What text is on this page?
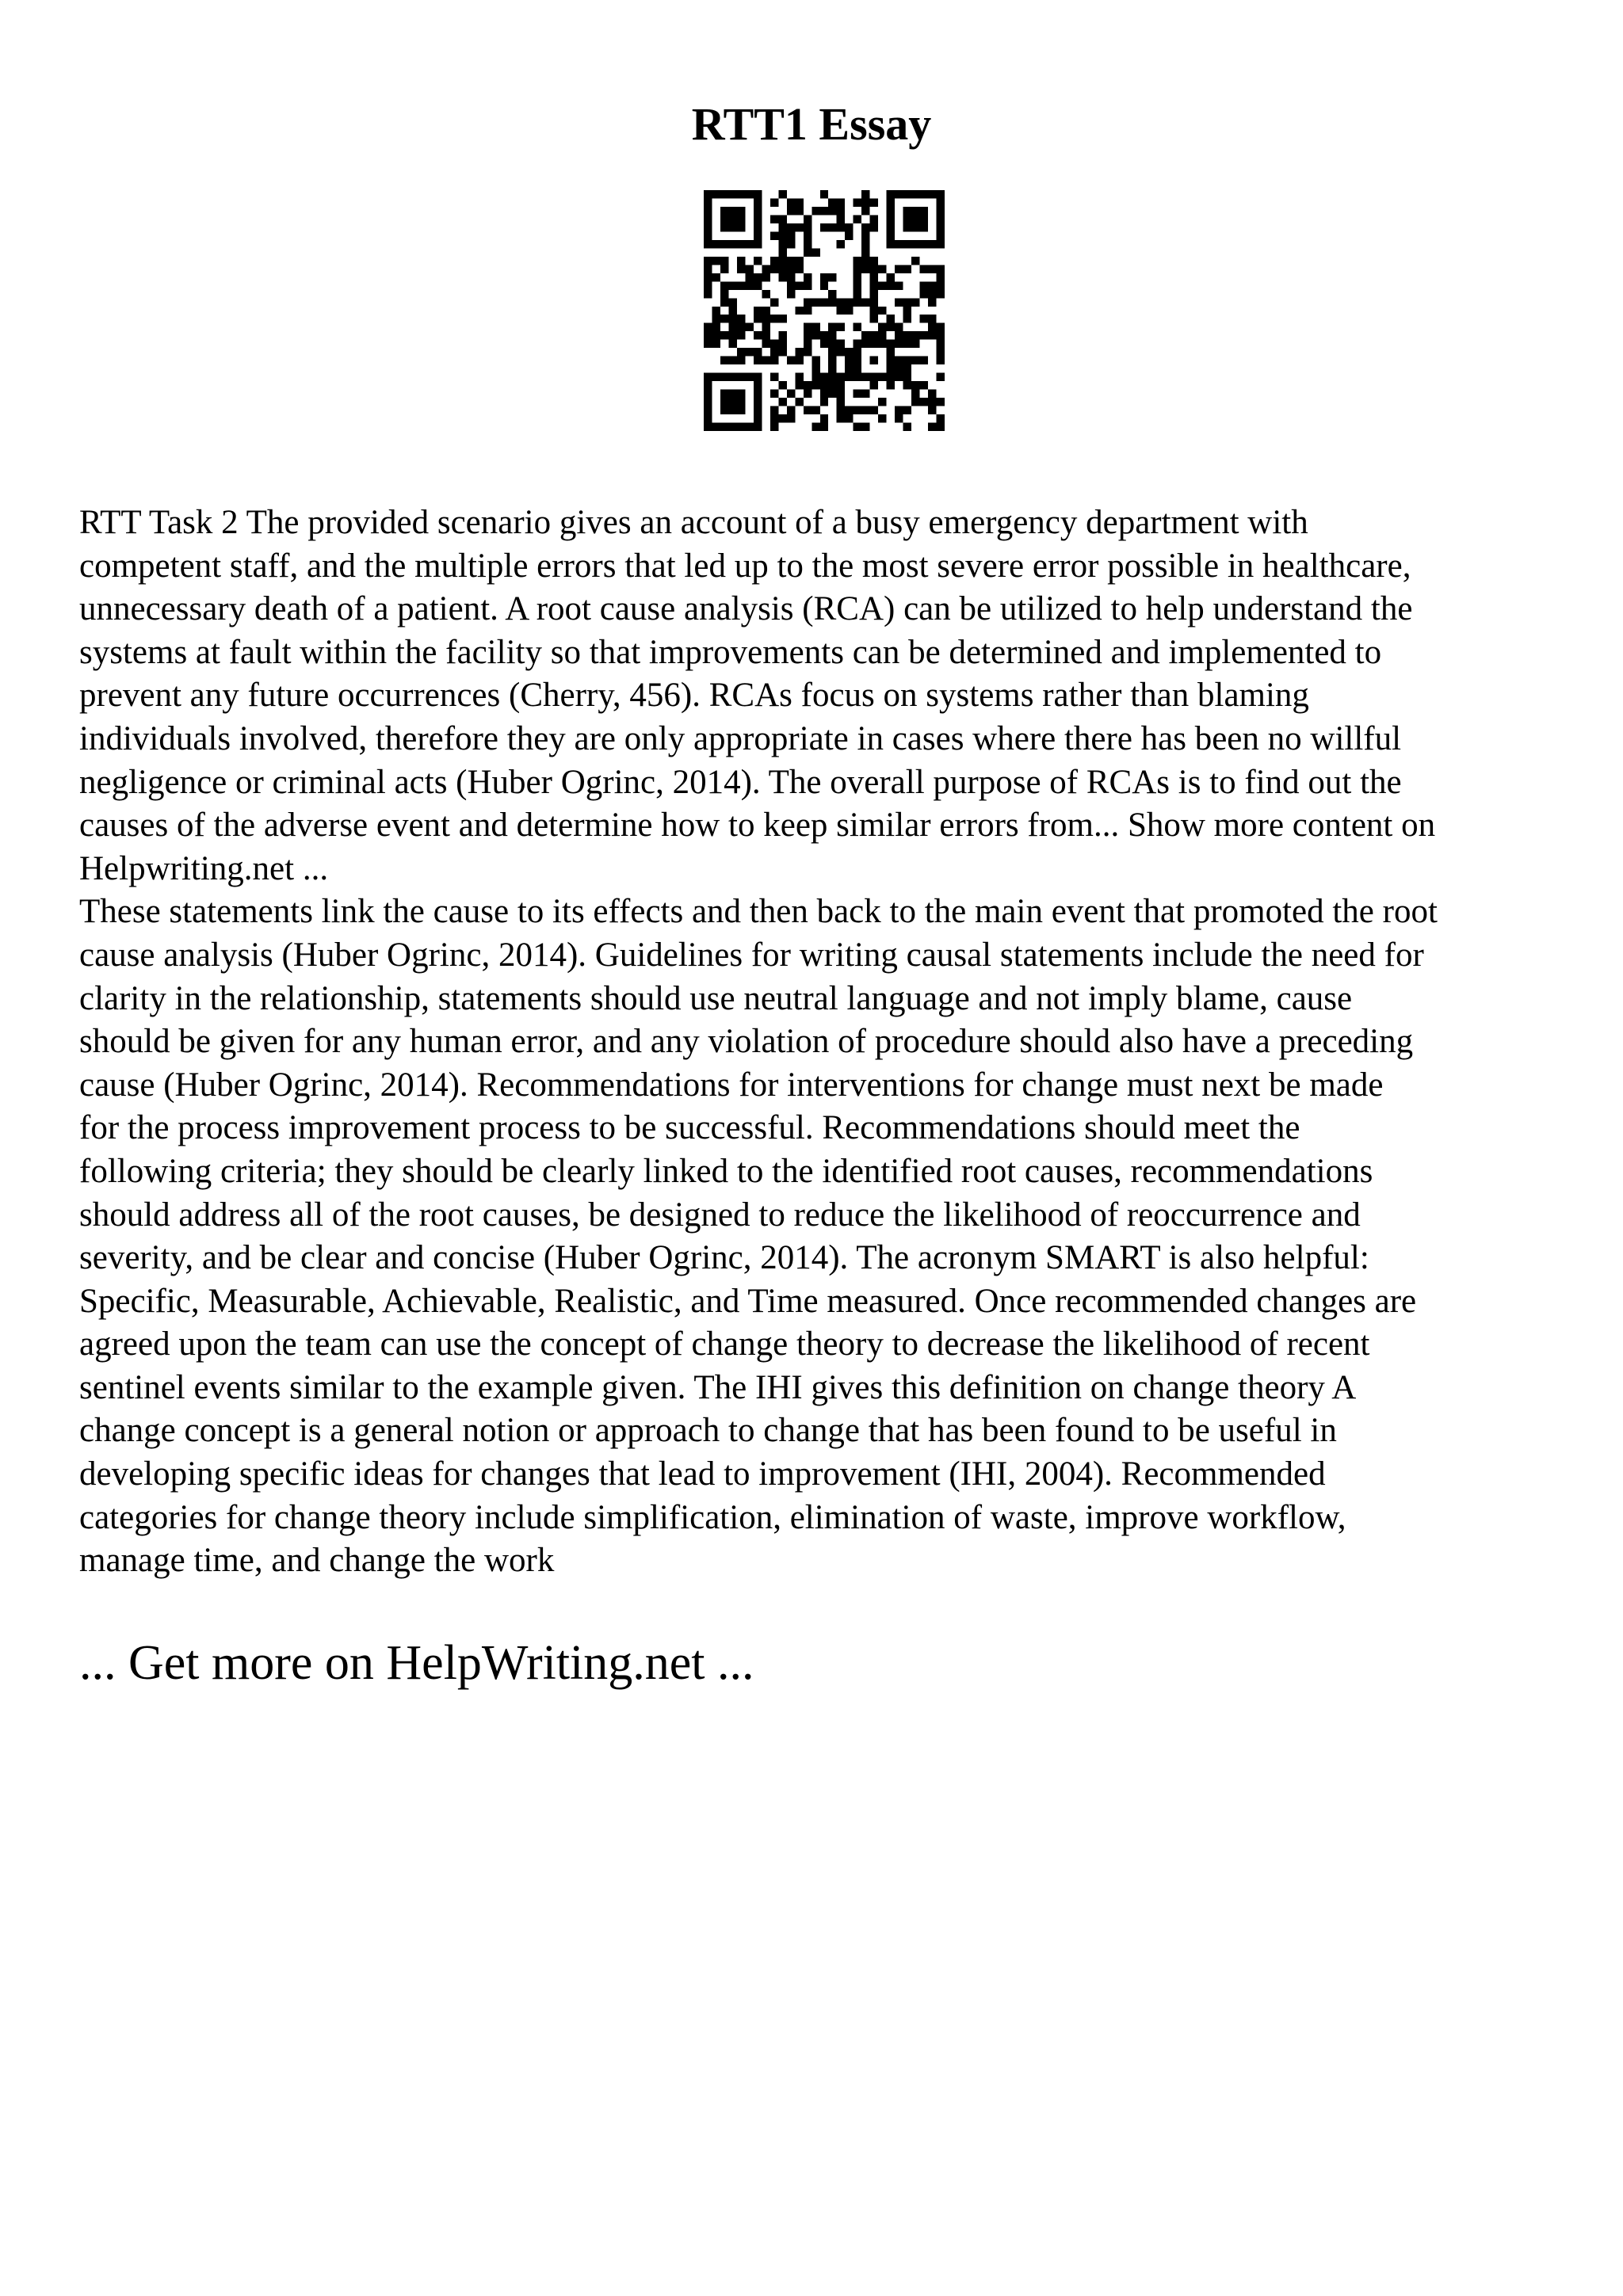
RTT1 Essay

RTT Task 2 The provided scenario gives an account of a busy emergency department with
competent staff, and the multiple errors that led up to the most severe error possible in healthcare,
unnecessary death of a patient. A root cause analysis (RCA) can be utilized to help understand the
systems at fault within the facility so that improvements can be determined and implemented to
prevent any future occurrences (Cherry, 456). RCAs focus on systems rather than blaming
individuals involved, therefore they are only appropriate in cases where there has been no willful
negligence or criminal acts (Huber Ogrinc, 2014). The overall purpose of RCAs is to find out the
causes of the adverse event and determine how to keep similar errors from... Show more content on
Helpwriting.net ...

These statements link the cause to its effects and then back to the main event that promoted the root
cause analysis (Huber Ogrinc, 2014). Guidelines for writing causal statements include the need for
clarity in the relationship, statements should use neutral language and not imply blame, cause
should be given for any human error, and any violation of procedure should also have a preceding
cause (Huber Ogrinc, 2014). Recommendations for interventions for change must next be made
for the process improvement process to be successful. Recommendations should meet the
following criteria; they should be clearly linked to the identified root causes, recommendations
should address all of the root causes, be designed to reduce the likelihood of reoccurrence and
severity, and be clear and concise (Huber Ogrinc, 2014). The acronym SMART is also helpful:
Specific, Measurable, Achievable, Realistic, and Time measured. Once recommended changes are
agreed upon the team can use the concept of change theory to decrease the likelihood of recent
sentinel events similar to the example given. The IHI gives this definition on change theory A
change concept is a general notion or approach to change that has been found to be useful in
developing specific ideas for changes that lead to improvement (IHI, 2004). Recommended
categories for change theory include simplification, elimination of waste, improve workflow,
manage time, and change the work

... Get more on HelpWriting.net ...
